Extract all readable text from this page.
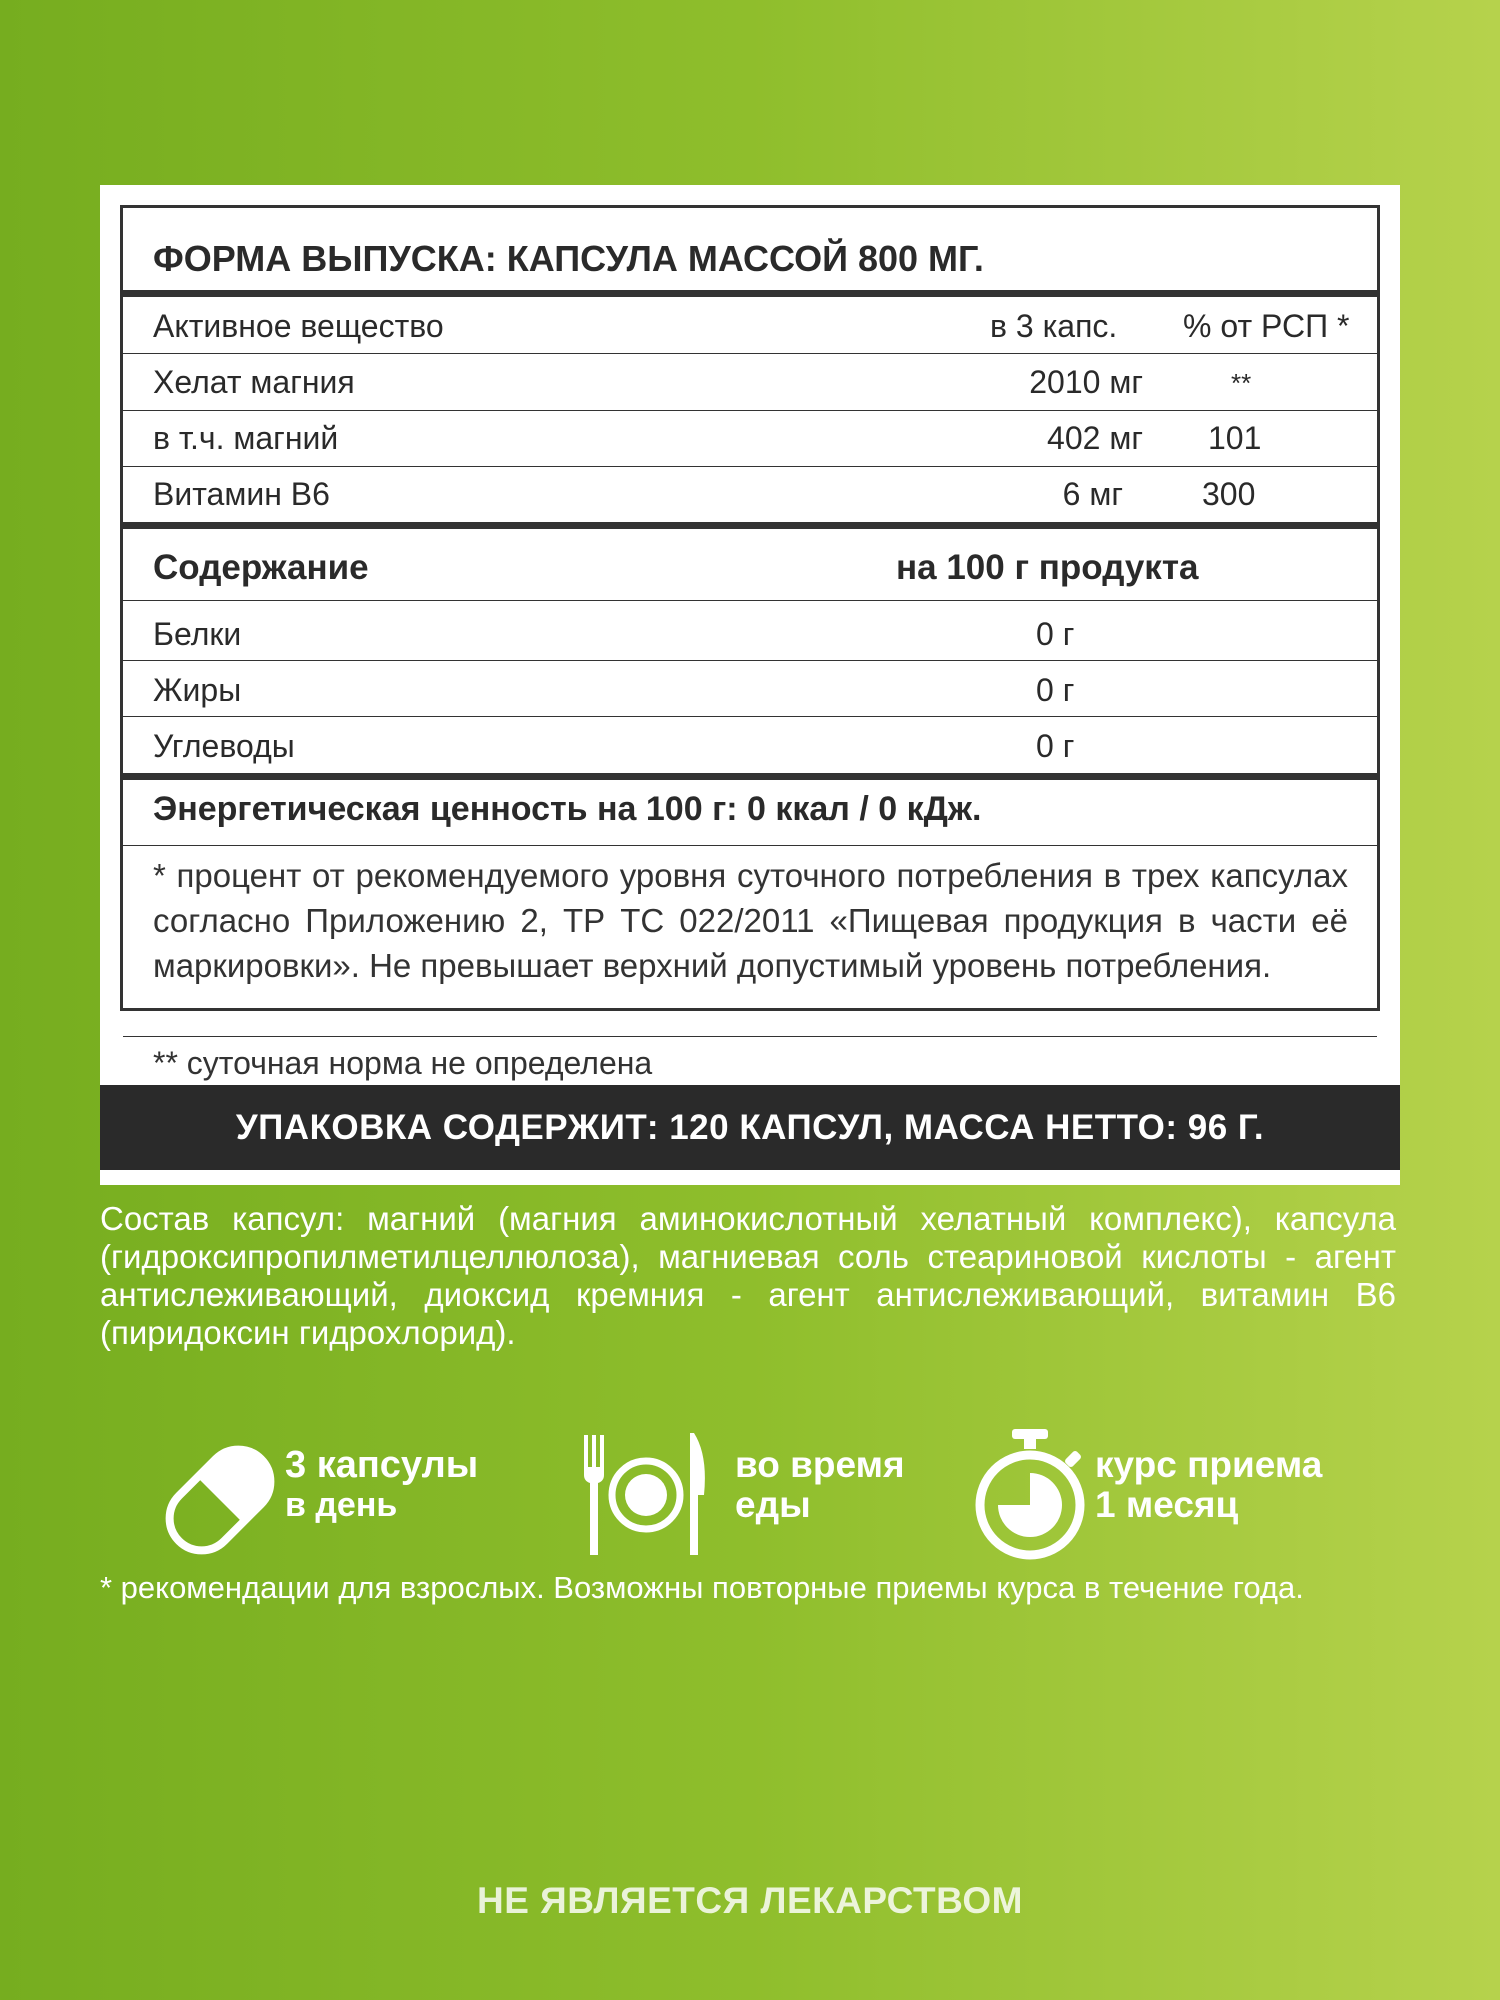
ФОРМА ВЫПУСКА: КАПСУЛА МАССОЙ 800 МГ.
Активное вещество	в 3 капс. % от РСП *
Хелат магния	2010 мг	**
в т.ч. магний	402 мг 101
Витамин В6	6 мг 300
Содержание	на 100 г продукта
Белки	0 г
Жиры	0 г
Углеводы	0 г
Энергетическая ценность на 100 г: 0 ккал / 0 кДж.
* процент от рекомендуемого уровня суточного потребления в трех капсулах согласно Приложению 2, ТР ТС 022/2011 «Пищевая продукция в части её маркировки». Не превышает верхний допустимый уровень потребления.
** суточная норма не определена
УПАКОВКА СОДЕРЖИТ: 120 КАПСУЛ, МАССА НЕТТО: 96 Г.
Состав капсул: магний (магния аминокислотный хелатный комплекс), капсула (гидроксипропилметилцеллюлоза), магниевая соль стеариновой кислоты - агент антислеживающий, диоксид кремния - агент антислеживающий, витамин В6 (пиридоксин гидрохлорид).
3 капсулы
в день
во время
еды
курс приема
1 месяц
* рекомендации для взрослых. Возможны повторные приемы курса в течение года.
НЕ ЯВЛЯЕТСЯ ЛЕКАРСТВОМ
